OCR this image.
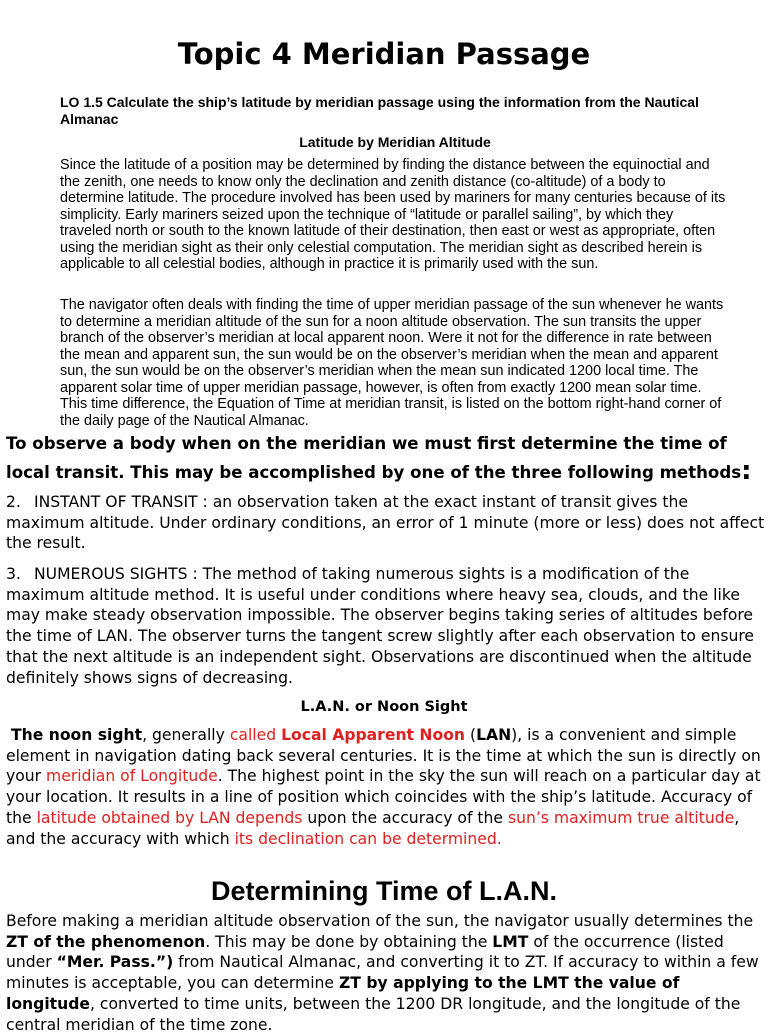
Topic 4 Meridian Passage
LO 1.5 Calculate the ship’s latitude by meridian passage using the information from the Nautical Almanac
Latitude by Meridian Altitude
Since the latitude of a position may be determined by finding the distance between the equinoctial and the zenith, one needs to know only the declination and zenith distance (co-altitude) of a body to determine latitude. The procedure involved has been used by mariners for many centuries because of its simplicity. Early mariners seized upon the technique of “latitude or parallel sailing”, by which they traveled north or south to the known latitude of their destination, then east or west as appropriate, often using the meridian sight as their only celestial computation. The meridian sight as described herein is applicable to all celestial bodies, although in practice it is primarily used with the sun.
The navigator often deals with finding the time of upper meridian passage of the sun whenever he wants to determine a meridian altitude of the sun for a noon altitude observation. The sun transits the upper branch of the observer’s meridian at local apparent noon. Were it not for the difference in rate between the mean and apparent sun, the sun would be on the observer’s meridian when the mean and apparent sun, the sun would be on the observer’s meridian when the mean sun indicated 1200 local time. The apparent solar time of upper meridian passage, however, is often from exactly 1200 mean solar time. This time difference, the Equation of Time at meridian transit, is listed on the bottom right-hand corner of the daily page of the Nautical Almanac.
To observe a body when on the meridian we must first determine the time of local transit. This may be accomplished by one of the three following methods:
2. INSTANT OF TRANSIT : an observation taken at the exact instant of transit gives the maximum altitude. Under ordinary conditions, an error of 1 minute (more or less) does not affect the result.
3. NUMEROUS SIGHTS : The method of taking numerous sights is a modification of the maximum altitude method. It is useful under conditions where heavy sea, clouds, and the like may make steady observation impossible. The observer begins taking series of altitudes before the time of LAN. The observer turns the tangent screw slightly after each observation to ensure that the next altitude is an independent sight. Observations are discontinued when the altitude definitely shows signs of decreasing.
L.A.N. or Noon Sight
The noon sight, generally called Local Apparent Noon (LAN), is a convenient and simple element in navigation dating back several centuries. It is the time at which the sun is directly on your meridian of Longitude. The highest point in the sky the sun will reach on a particular day at your location. It results in a line of position which coincides with the ship’s latitude. Accuracy of the latitude obtained by LAN depends upon the accuracy of the sun’s maximum true altitude, and the accuracy with which its declination can be determined.
Determining Time of L.A.N.
Before making a meridian altitude observation of the sun, the navigator usually determines the ZT of the phenomenon. This may be done by obtaining the LMT of the occurrence (listed under “Mer. Pass.”) from Nautical Almanac, and converting it to ZT. If accuracy to within a few minutes is acceptable, you can determine ZT by applying to the LMT the value of longitude, converted to time units, between the 1200 DR longitude, and the longitude of the central meridian of the time zone.
